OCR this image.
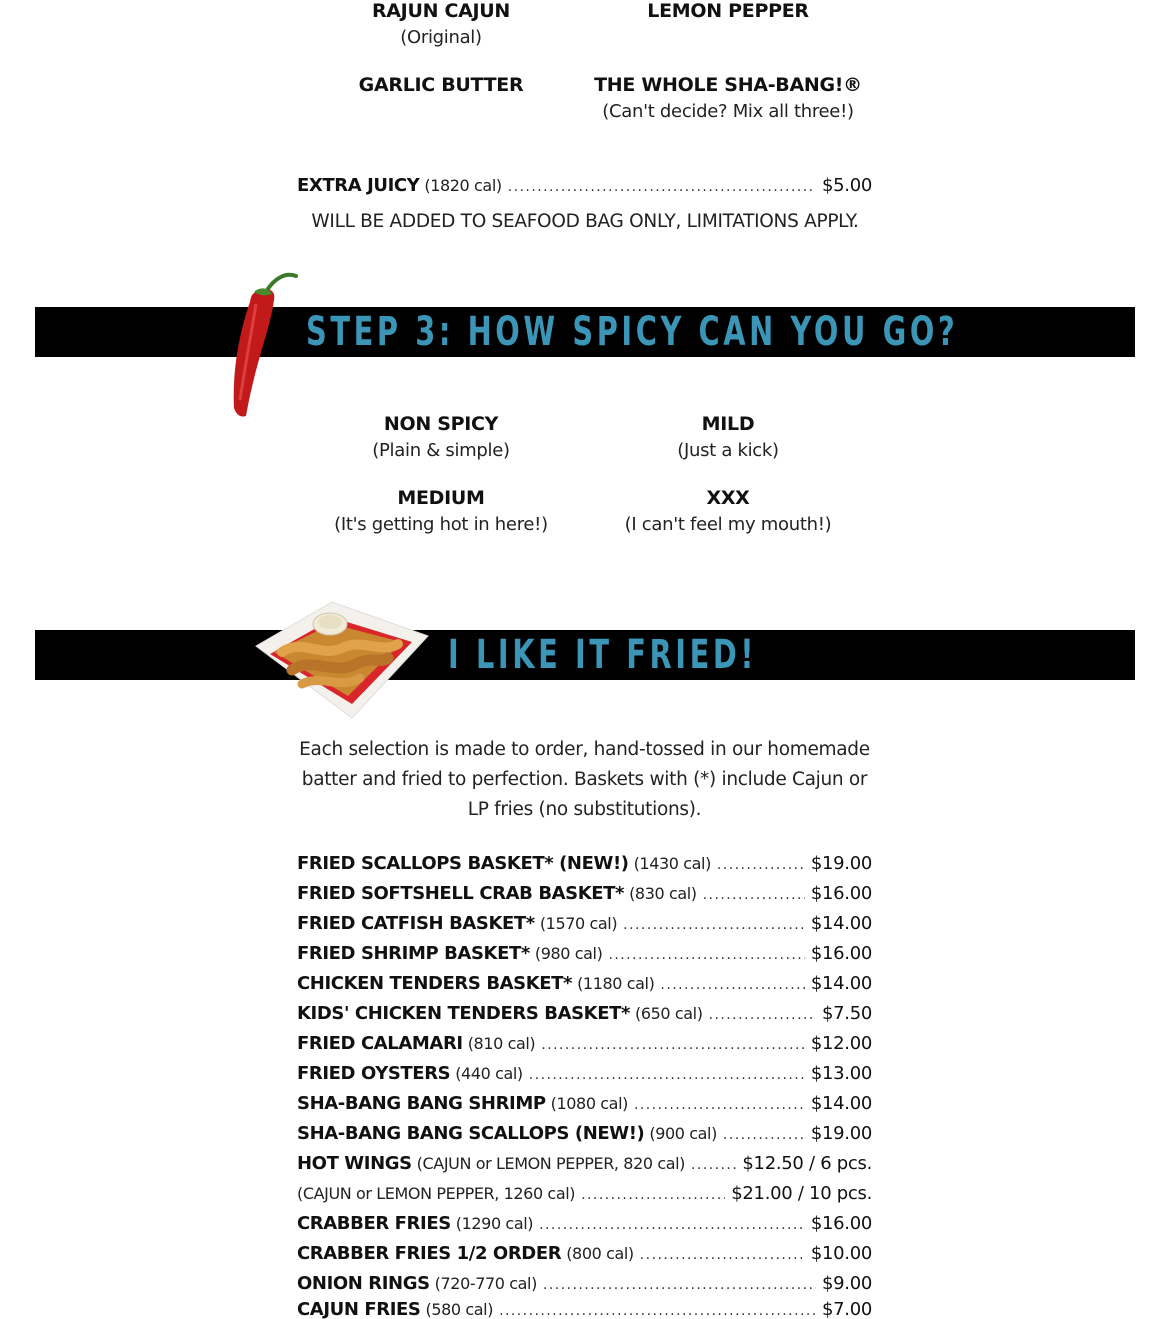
RAJUN CAJUN
(Original)
LEMON PEPPER
GARLIC BUTTER	THE WHOLE SHA-BANG!®
(Can't decide? Mix all three!)
EXTRA JUICY (1820 cal) . . .	$5.00
WILL BE ADDED TO SEAFOOD BAG ONLY, LIMITATIONS APPLY.
STEP 3: HOW SPICY CAN YOU GO?
NON SPICY
(Plain & simple)
MILD
(Just a kick)
MEDIUM
(It's getting hot in here!)
XXX
(I can't feel my mouth!)
I LIKE IT FRIED!
Each selection is made to order, hand-tossed in our homemade batter and fried to perfection. Baskets with (*) include Cajun or LP fries (no substitutions).
FRIED SCALLOPS BASKET* (NEW!) (1430 cal) . . .	$19.00
FRIED SOFTSHELL CRAB BASKET* (830 cal) . . .	$16.00
FRIED CATFISH BASKET* (1570 cal) . . .	$14.00
FRIED SHRIMP BASKET* (980 cal) . . .	$16.00
CHICKEN TENDERS BASKET* (1180 cal) . . .	$14.00
KIDS' CHICKEN TENDERS BASKET* (650 cal) . . .	$7.50
FRIED CALAMARI (810 cal) . . .	$12.00
FRIED OYSTERS (440 cal) . . .	$13.00
SHA-BANG BANG SHRIMP (1080 cal) . . .	$14.00
SHA-BANG BANG SCALLOPS (NEW!) (900 cal) . . .	$19.00
HOT WINGS (CAJUN or LEMON PEPPER, 820 cal) . . .	$12.50 / 6 pcs.
(CAJUN or LEMON PEPPER, 1260 cal) . . .	$21.00 / 10 pcs.
CRABBER FRIES (1290 cal) . . .	$16.00
CRABBER FRIES 1/2 ORDER (800 cal) . . .	$10.00
ONION RINGS (720-770 cal) . . .	$9.00
CAJUN FRIES (580 cal) . . .	$7.00
